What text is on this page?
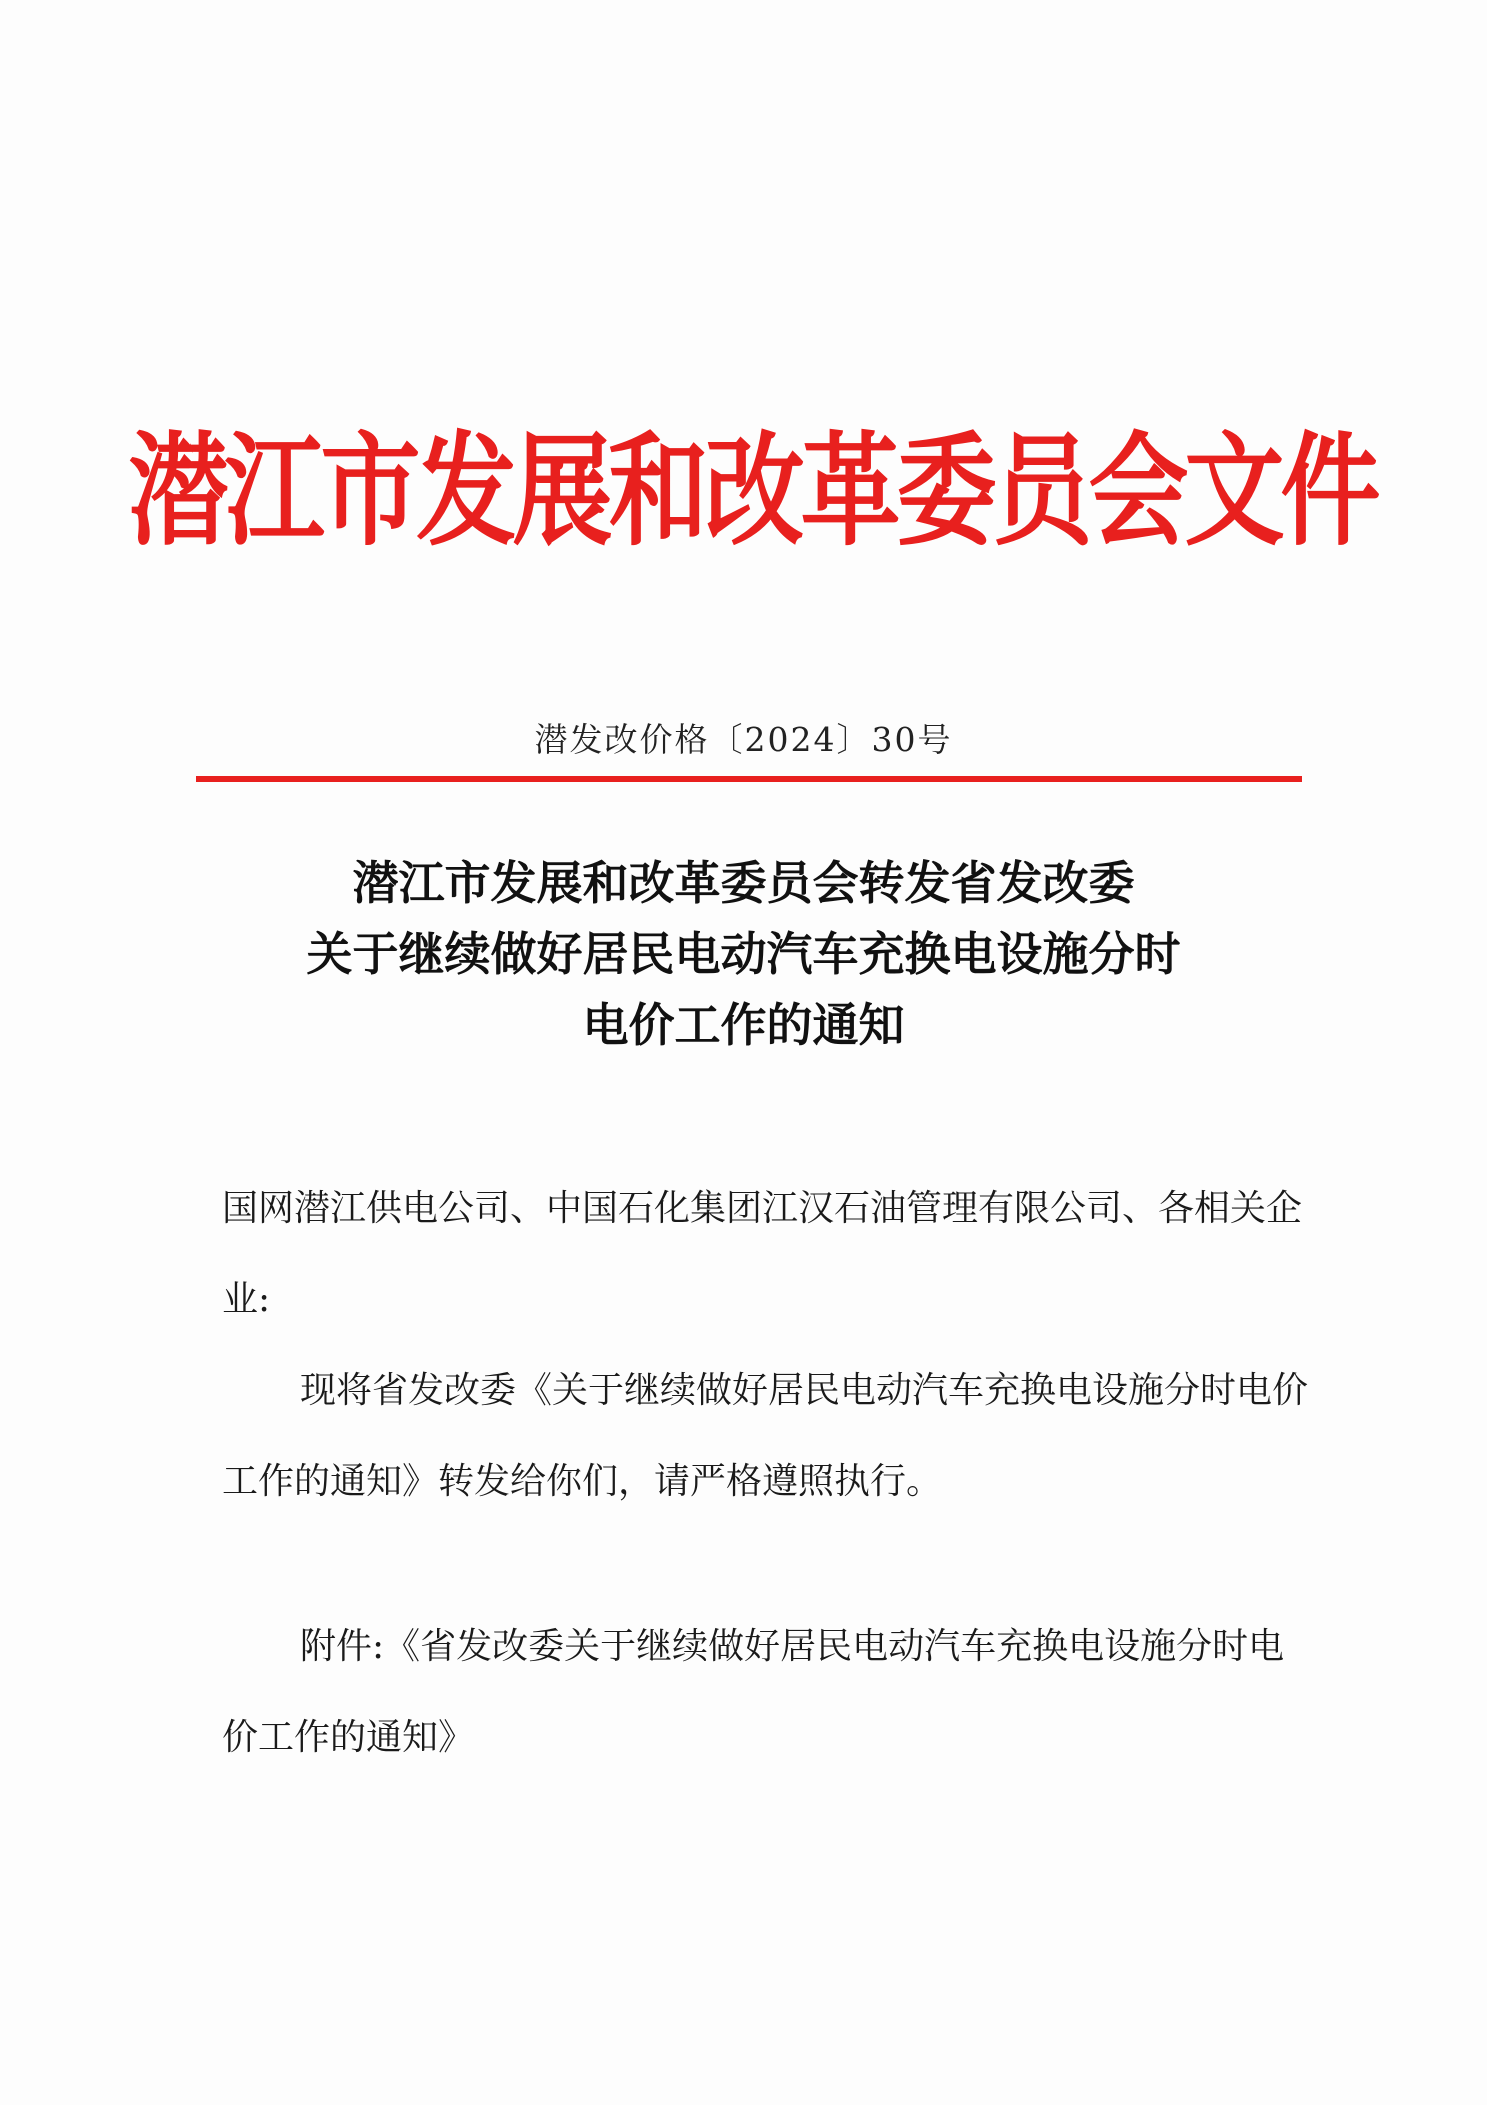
潜江市发展和改革委员会文件
潜发改价格〔2024〕30号
潜江市发展和改革委员会转发省发改委
关于继续做好居民电动汽车充换电设施分时
电价工作的通知

国网潜江供电公司、中国石化集团江汉石油管理有限公司、各相关企业:

现将省发改委《关于继续做好居民电动汽车充换电设施分时电价工作的通知》转发给你们，请严格遵照执行。

附件:《省发改委关于继续做好居民电动汽车充换电设施分时电价工作的通知》
